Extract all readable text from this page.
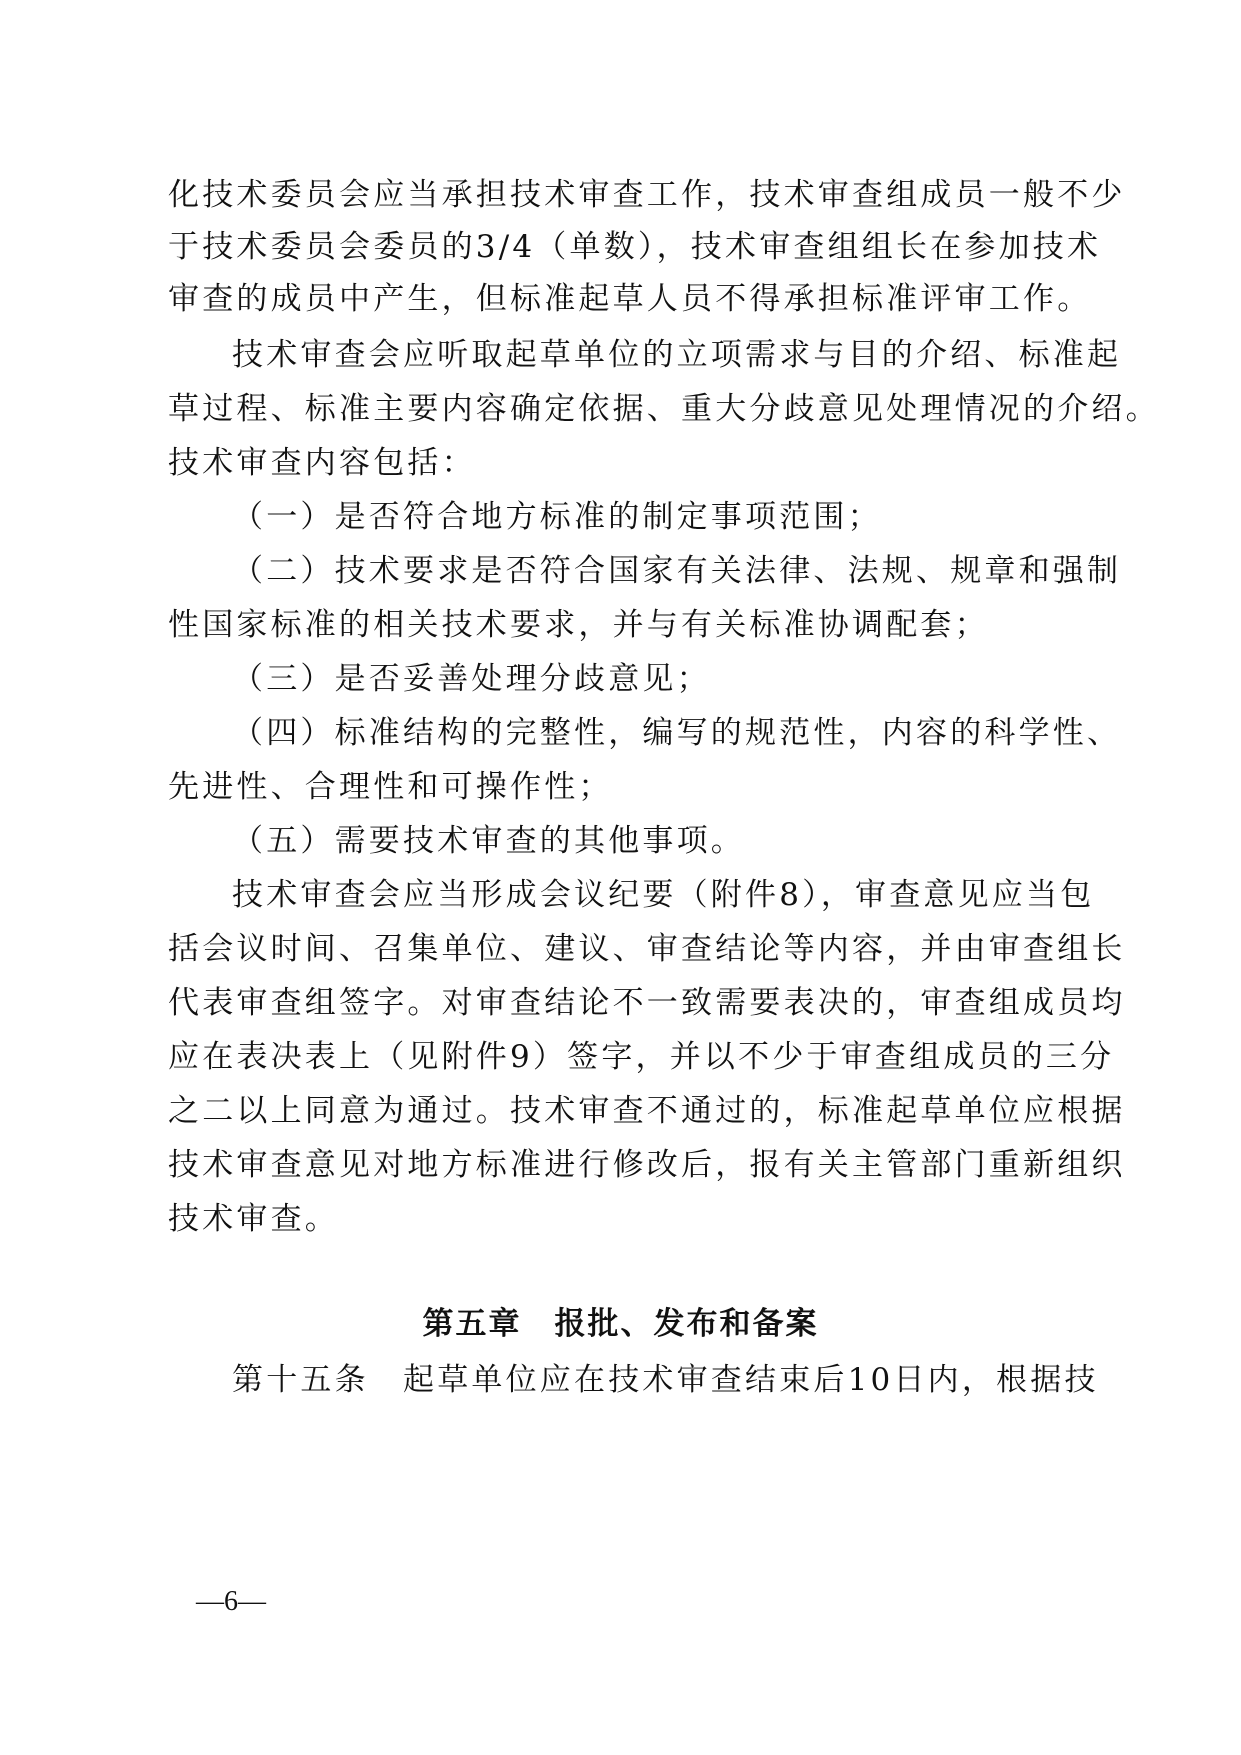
化技术委员会应当承担技术审查工作，技术审查组成员一般不少
于技术委员会委员的3/4（单数），技术审查组组长在参加技术
审查的成员中产生，但标准起草人员不得承担标准评审工作。
技术审查会应听取起草单位的立项需求与目的介绍、标准起
草过程、标准主要内容确定依据、重大分歧意见处理情况的介绍。
技术审查内容包括：
（一）是否符合地方标准的制定事项范围；
（二）技术要求是否符合国家有关法律、法规、规章和强制
性国家标准的相关技术要求，并与有关标准协调配套；
（三）是否妥善处理分歧意见；
（四）标准结构的完整性，编写的规范性，内容的科学性、
先进性、合理性和可操作性；
（五）需要技术审查的其他事项。
技术审查会应当形成会议纪要（附件8），审查意见应当包
括会议时间、召集单位、建议、审查结论等内容，并由审查组长
代表审查组签字。对审查结论不一致需要表决的，审查组成员均
应在表决表上（见附件9）签字，并以不少于审查组成员的三分
之二以上同意为通过。技术审查不通过的，标准起草单位应根据
技术审查意见对地方标准进行修改后，报有关主管部门重新组织
技术审查。
第五章　报批、发布和备案
第十五条　起草单位应在技术审查结束后10日内，根据技
—6—
